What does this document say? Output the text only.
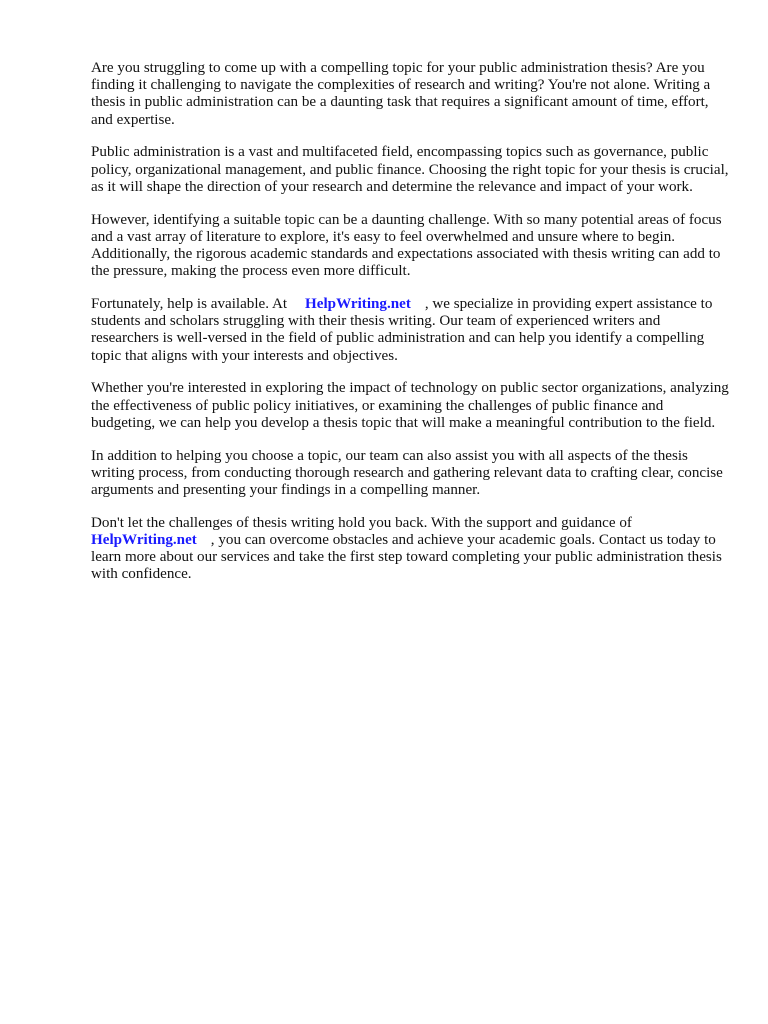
Are you struggling to come up with a compelling topic for your public administration thesis? Are you finding it challenging to navigate the complexities of research and writing? You're not alone. Writing a thesis in public administration can be a daunting task that requires a significant amount of time, effort, and expertise.

Public administration is a vast and multifaceted field, encompassing topics such as governance, public policy, organizational management, and public finance. Choosing the right topic for your thesis is crucial, as it will shape the direction of your research and determine the relevance and impact of your work.

However, identifying a suitable topic can be a daunting challenge. With so many potential areas of focus and a vast array of literature to explore, it's easy to feel overwhelmed and unsure where to begin. Additionally, the rigorous academic standards and expectations associated with thesis writing can add to the pressure, making the process even more difficult.

Fortunately, help is available. At HelpWriting.net , we specialize in providing expert assistance to students and scholars struggling with their thesis writing. Our team of experienced writers and researchers is well-versed in the field of public administration and can help you identify a compelling topic that aligns with your interests and objectives.

Whether you're interested in exploring the impact of technology on public sector organizations, analyzing the effectiveness of public policy initiatives, or examining the challenges of public finance and budgeting, we can help you develop a thesis topic that will make a meaningful contribution to the field.

In addition to helping you choose a topic, our team can also assist you with all aspects of the thesis writing process, from conducting thorough research and gathering relevant data to crafting clear, concise arguments and presenting your findings in a compelling manner.

Don't let the challenges of thesis writing hold you back. With the support and guidance of HelpWriting.net , you can overcome obstacles and achieve your academic goals. Contact us today to learn more about our services and take the first step toward completing your public administration thesis with confidence.
